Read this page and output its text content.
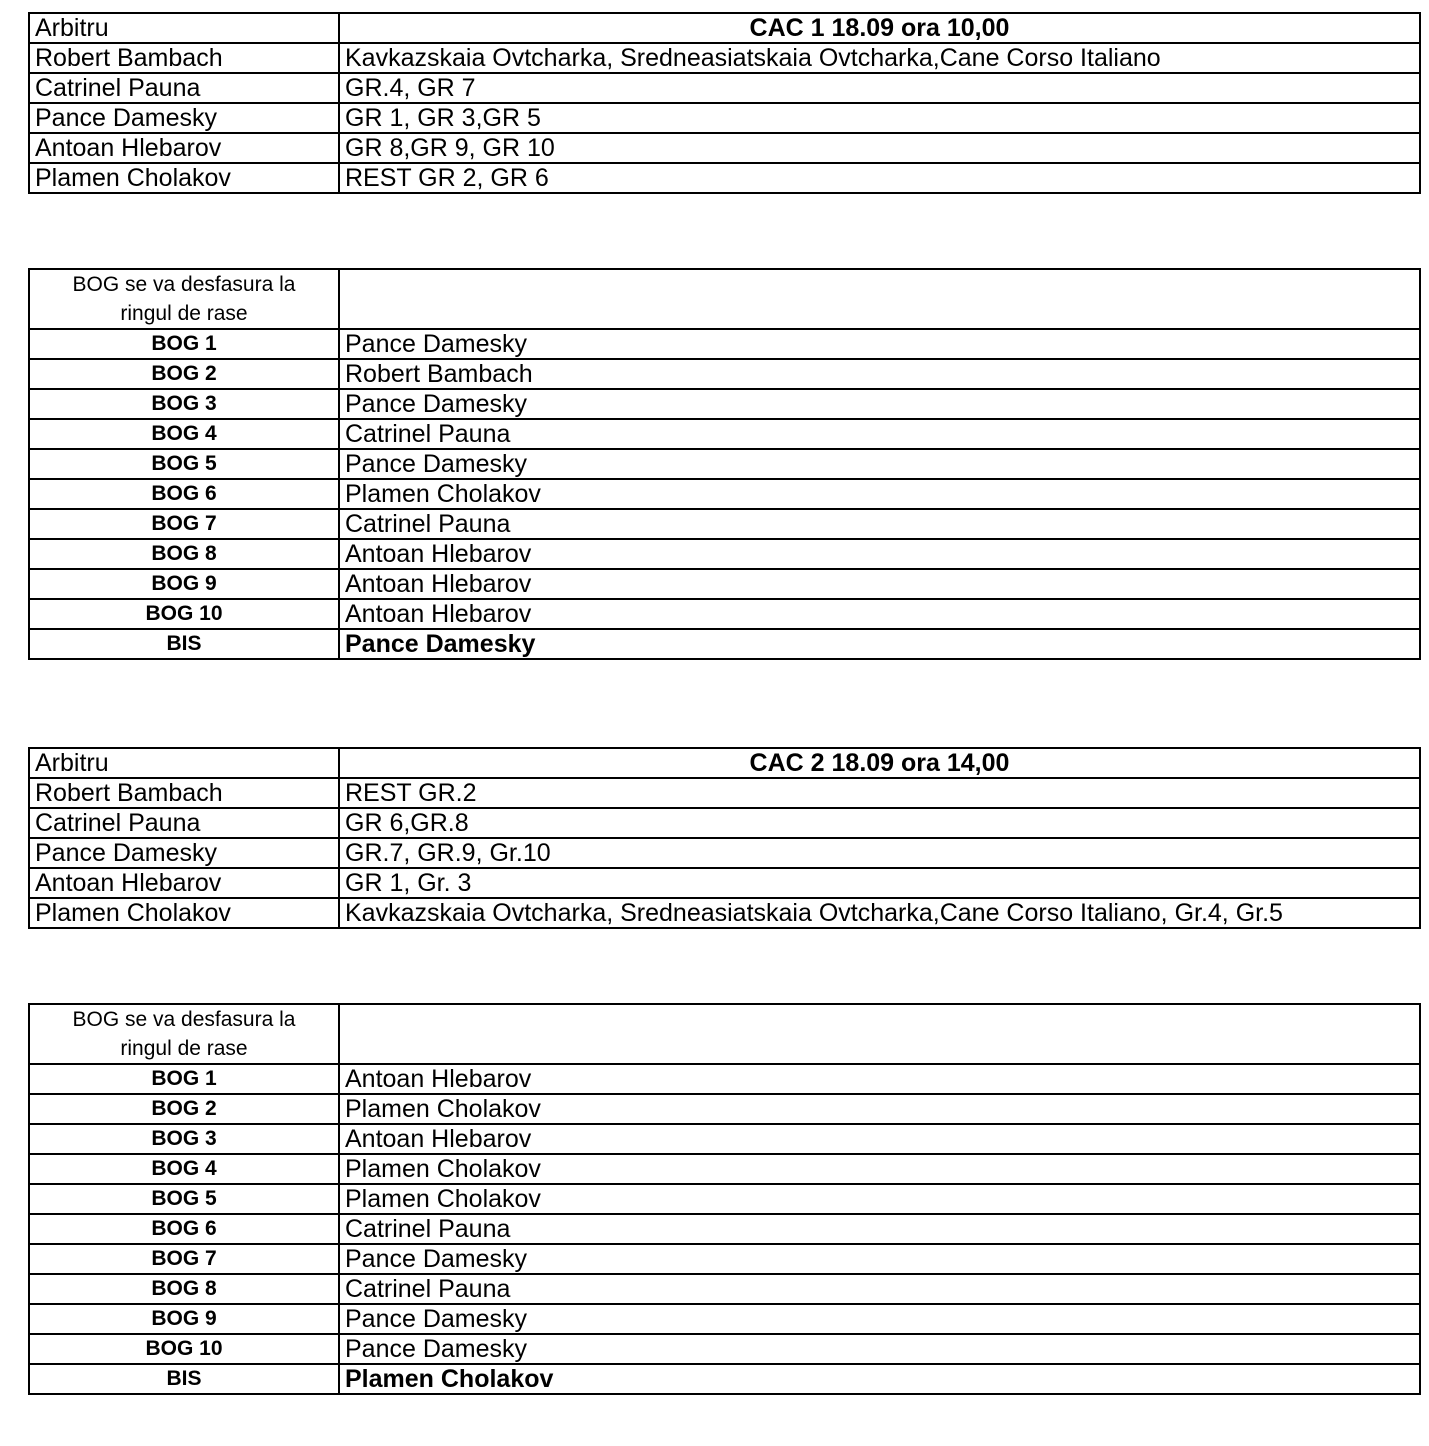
Arbitru	CAC 1 18.09 ora 10,00
Robert Bambach	Kavkazskaia Ovtcharka, Sredneasiatskaia Ovtcharka,Cane Corso Italiano
Catrinel Pauna	GR.4, GR 7
Pance Damesky	GR 1, GR 3,GR 5
Antoan Hlebarov	GR 8,GR 9, GR 10
Plamen Cholakov	REST GR 2, GR 6
BOG se va desfasura la
ringul de rase	
BOG 1	Pance Damesky
BOG 2	Robert Bambach
BOG 3	Pance Damesky
BOG 4	Catrinel Pauna
BOG 5	Pance Damesky
BOG 6	Plamen Cholakov
BOG 7	Catrinel Pauna
BOG 8	Antoan Hlebarov
BOG 9	Antoan Hlebarov
BOG 10	Antoan Hlebarov
BIS	Pance Damesky
Arbitru	CAC 2 18.09 ora 14,00
Robert Bambach	REST GR.2
Catrinel Pauna	GR 6,GR.8
Pance Damesky	GR.7, GR.9, Gr.10
Antoan Hlebarov	GR 1, Gr. 3
Plamen Cholakov	Kavkazskaia Ovtcharka, Sredneasiatskaia Ovtcharka,Cane Corso Italiano, Gr.4, Gr.5
BOG se va desfasura la
ringul de rase	
BOG 1	Antoan Hlebarov
BOG 2	Plamen Cholakov
BOG 3	Antoan Hlebarov
BOG 4	Plamen Cholakov
BOG 5	Plamen Cholakov
BOG 6	Catrinel Pauna
BOG 7	Pance Damesky
BOG 8	Catrinel Pauna
BOG 9	Pance Damesky
BOG 10	Pance Damesky
BIS	Plamen Cholakov
